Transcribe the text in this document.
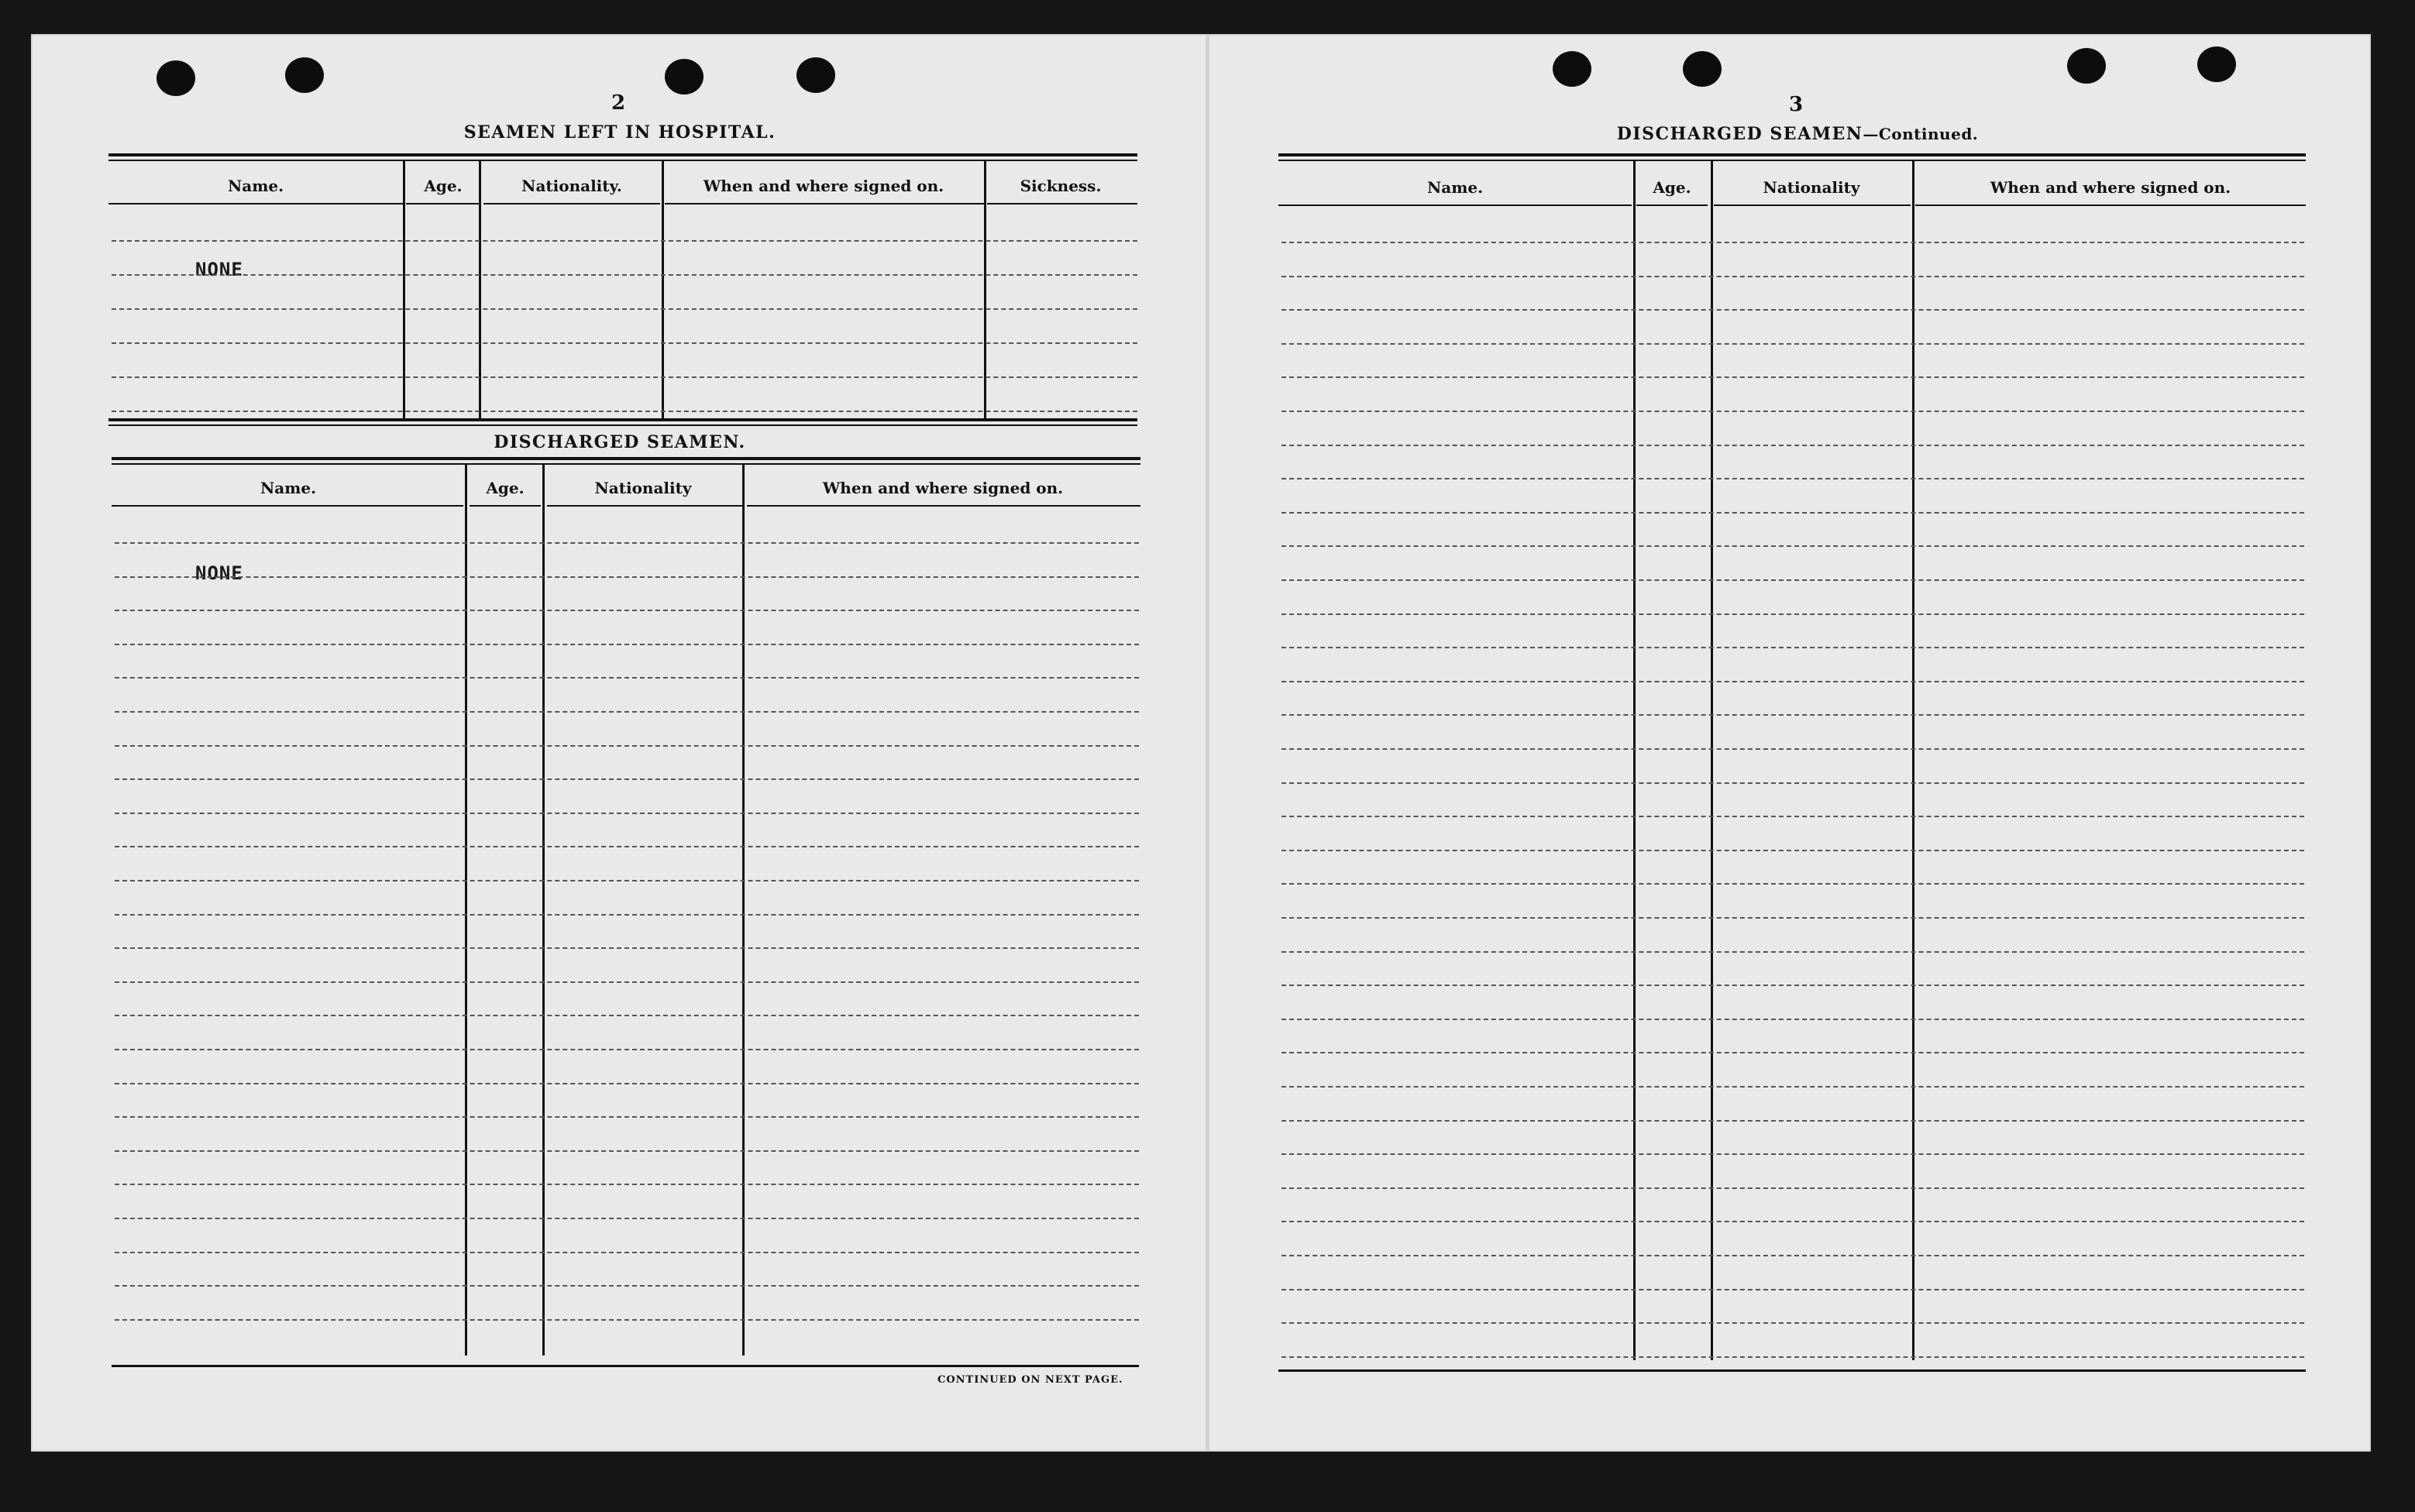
2
SEAMEN LEFT IN HOSPITAL.
Name.	Age.	Nationality.	When and where signed on.	Sickness.
NONE
DISCHARGED SEAMEN.
Name.	Age.	Nationality	When and where signed on.
NONE
CONTINUED ON NEXT PAGE.
3
DISCHARGED SEAMEN—Continued.
Name.	Age.	Nationality	When and where signed on.
